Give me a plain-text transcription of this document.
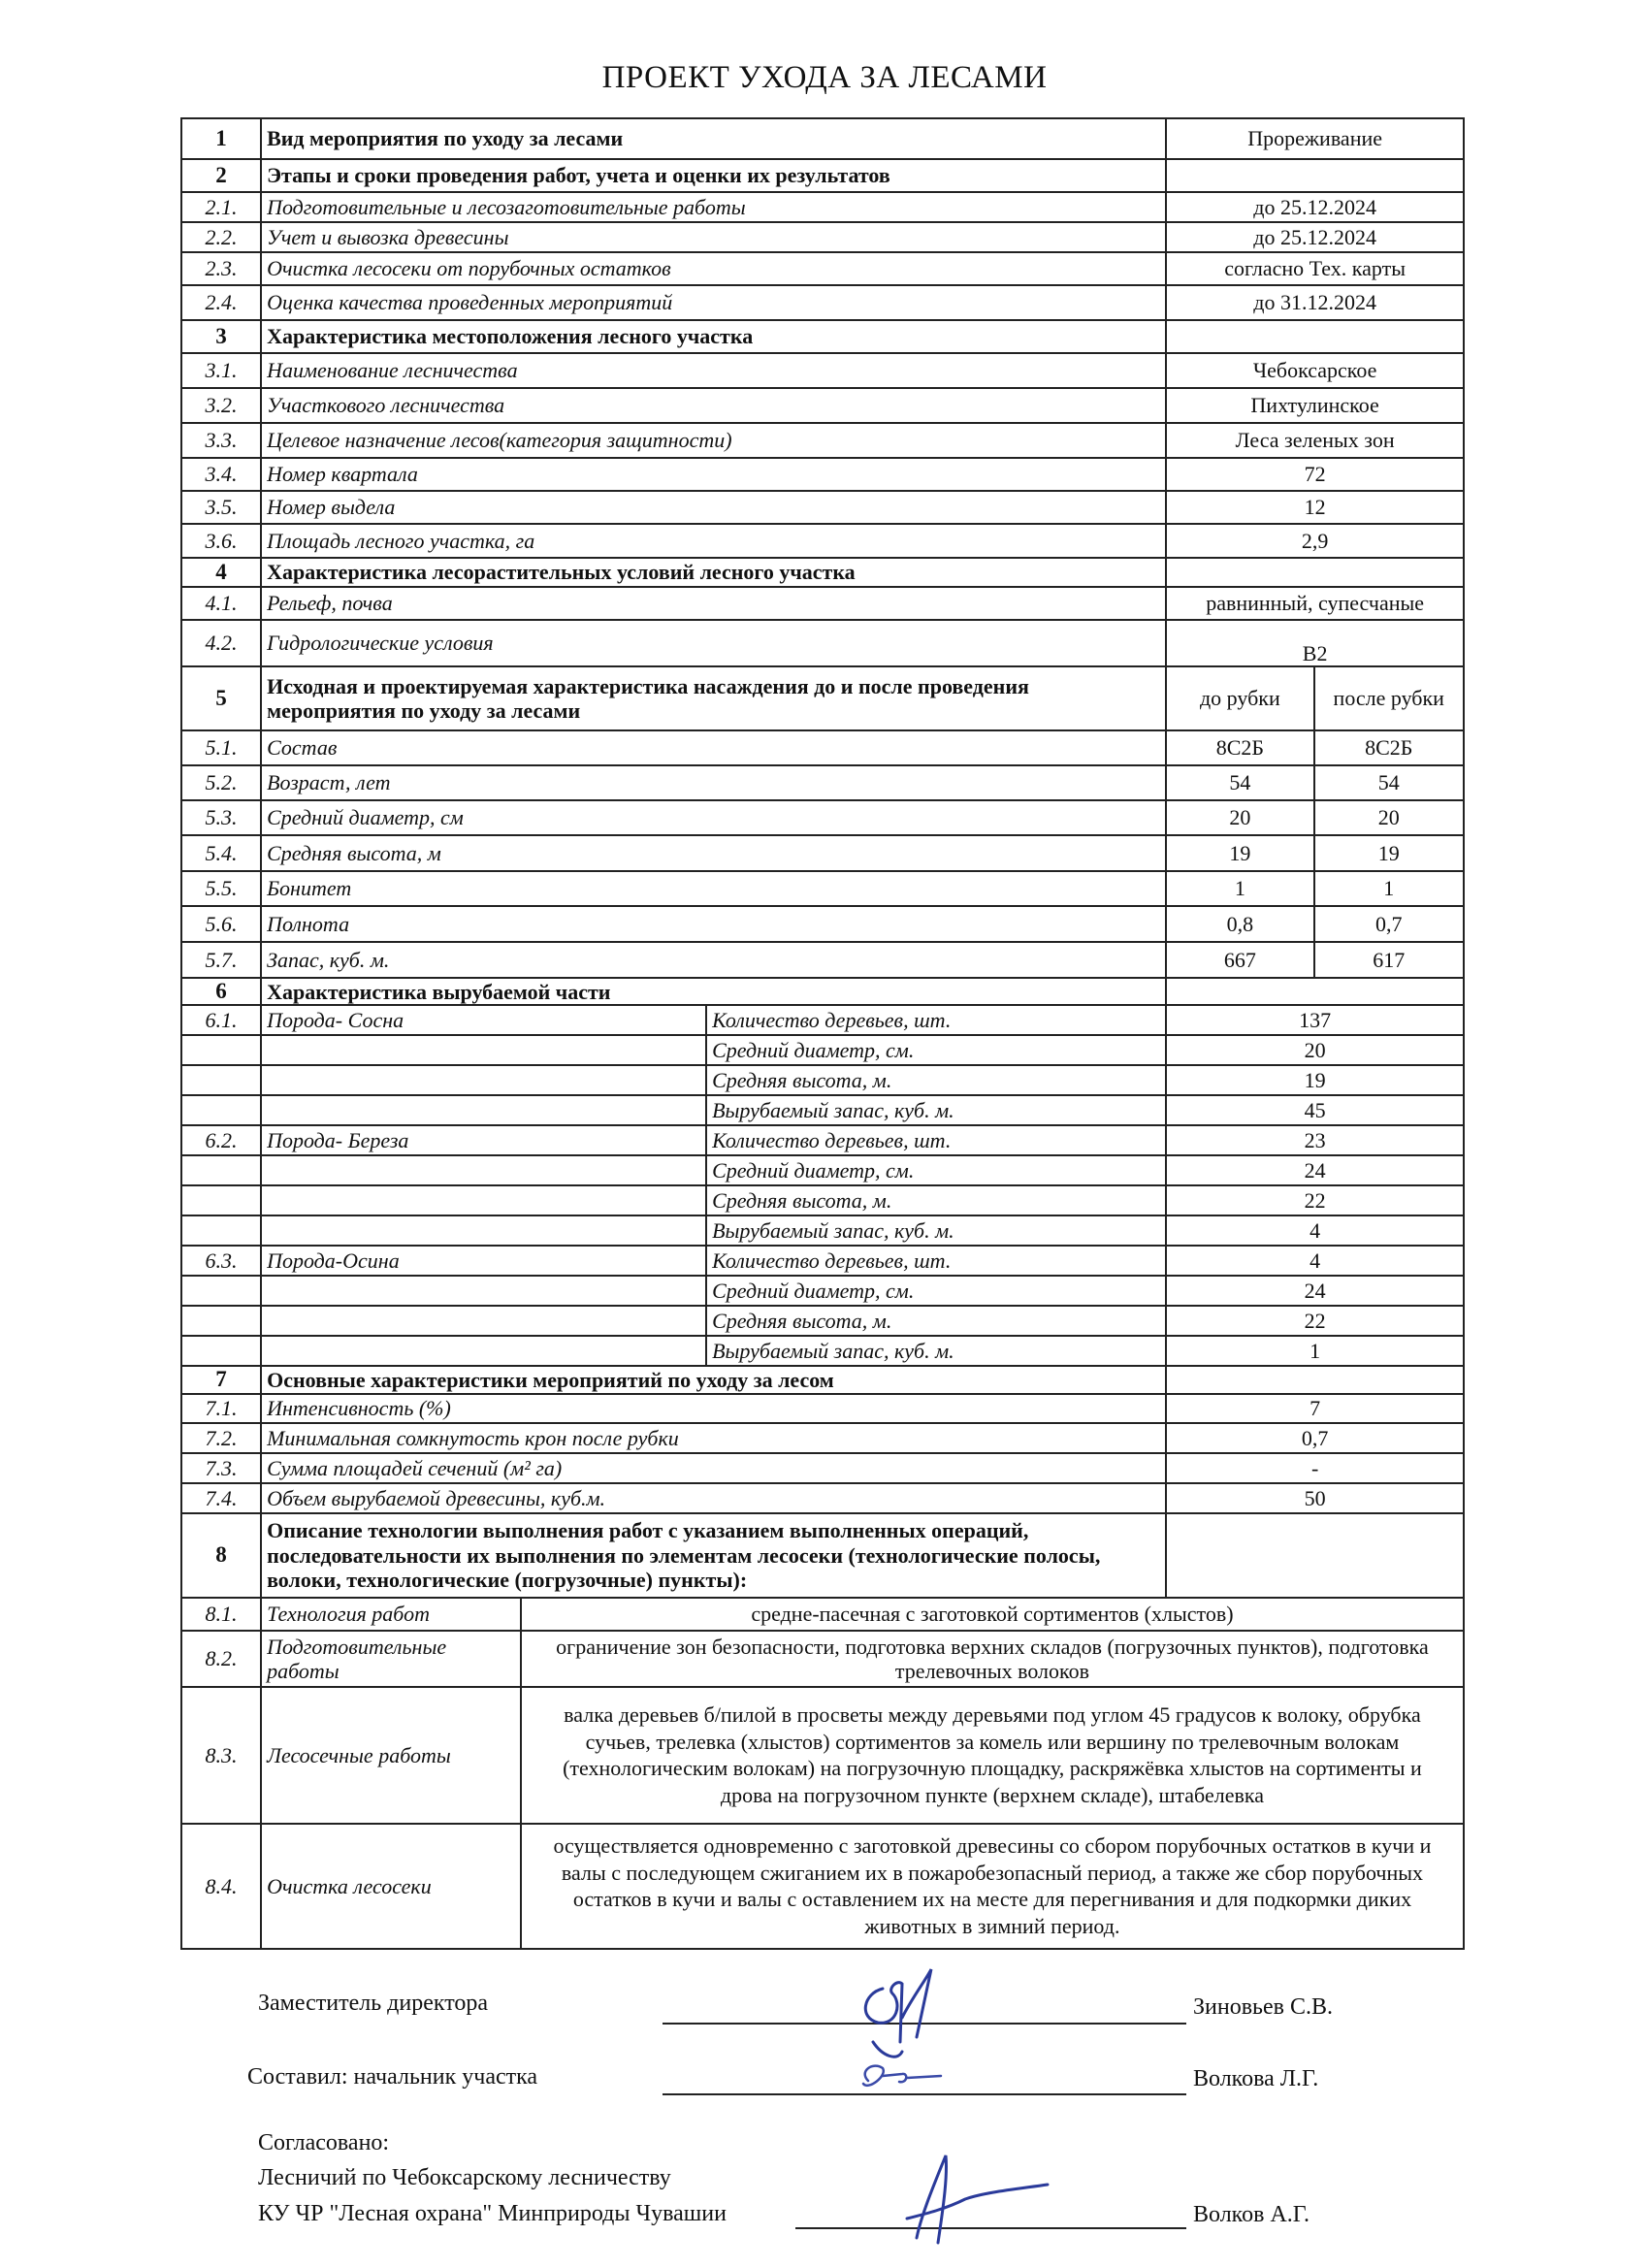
ПРОЕКТ УХОДА ЗА ЛЕСАМИ
1	Вид мероприятия по уходу за лесами			Прореживание	
2	Этапы и сроки проведения работ, учета и оценки их результатов				
2.1.	Подготовительные и лесозаготовительные работы			до 25.12.2024	
2.2.	Учет и вывозка древесины			до 25.12.2024	
2.3.	Очистка лесосеки от порубочных остатков			согласно Тех. карты	
2.4.	Оценка качества проведенных мероприятий			до 31.12.2024	
3	Характеристика местоположения лесного участка				
3.1.	Наименование лесничества			Чебоксарское	
3.2.	Участкового лесничества			Пихтулинское	
3.3.	Целевое назначение лесов(категория защитности)			Леса зеленых зон	
3.4.	Номер квартала			72	
3.5.	Номер выдела			12	
3.6.	Площадь лесного участка, га			2,9	
4	Характеристика лесорастительных условий лесного участка				
4.1.	Рельеф, почва			равнинный, супесчаные	
4.2.	Гидрологические условия			В2	
5	Исходная и проектируемая характеристика насаждения до и после проведения мероприятия по уходу за лесами			до рубки	после рубки
5.1.	Состав			8С2Б	8С2Б
5.2.	Возраст, лет			54	54
5.3.	Средний диаметр, см			20	20
5.4.	Средняя высота, м			19	19
5.5.	Бонитет			1	1
5.6.	Полнота			0,8	0,7
5.7.	Запас, куб. м.			667	617
6	Характеристика вырубаемой части				
6.1.	Порода- Сосна		Количество деревьев, шт.	137	
			Средний диаметр, см.	20	
			Средняя высота, м.	19	
			Вырубаемый запас, куб. м.	45	
6.2.	Порода- Береза		Количество деревьев, шт.	23	
			Средний диаметр, см.	24	
			Средняя высота, м.	22	
			Вырубаемый запас, куб. м.	4	
6.3.	Порода-Осина		Количество деревьев, шт.	4	
			Средний диаметр, см.	24	
			Средняя высота, м.	22	
			Вырубаемый запас, куб. м.	1	
7	Основные характеристики мероприятий по уходу за лесом				
7.1.	Интенсивность (%)			7	
7.2.	Минимальная сомкнутость крон после рубки			0,7	
7.3.	Сумма площадей сечений (м² га)			-	
7.4.	Объем вырубаемой древесины, куб.м.			50	
8	Описание технологии выполнения работ с указанием выполненных операций, последовательности их выполнения по элементам лесосеки (технологические полосы, волоки, технологические (погрузочные) пункты):				
8.1.	Технология работ	средне-пасечная с заготовкой сортиментов (хлыстов)			
8.2.	Подготовительные работы	ограничение зон безопасности, подготовка верхних складов (погрузочных пунктов), подготовка трелевочных волоков			
8.3.	Лесосечные работы	валка деревьев б/пилой в просветы между деревьями под углом 45 градусов к волоку, обрубка сучьев, трелевка (хлыстов) сортиментов за комель или вершину по трелевочным волокам (технологическим волокам) на погрузочную площадку, раскряжёвка хлыстов на сортименты и дрова на погрузочном пункте (верхнем складе), штабелевка			
8.4.	Очистка лесосеки	осуществляется одновременно с заготовкой древесины со сбором порубочных остатков в кучи и валы с последующем сжиганием их в пожаробезопасный период, а также же сбор порубочных остатков в кучи и валы с оставлением их на месте для перегнивания и для подкормки диких животных в зимний период.			
Заместитель директора	Зиновьев С.В.
Составил: начальник участка	Волкова Л.Г.
Согласовано:
Лесничий по Чебоксарскому лесничеству
КУ ЧР "Лесная охрана" Минприроды Чувашии	Волков А.Г.
